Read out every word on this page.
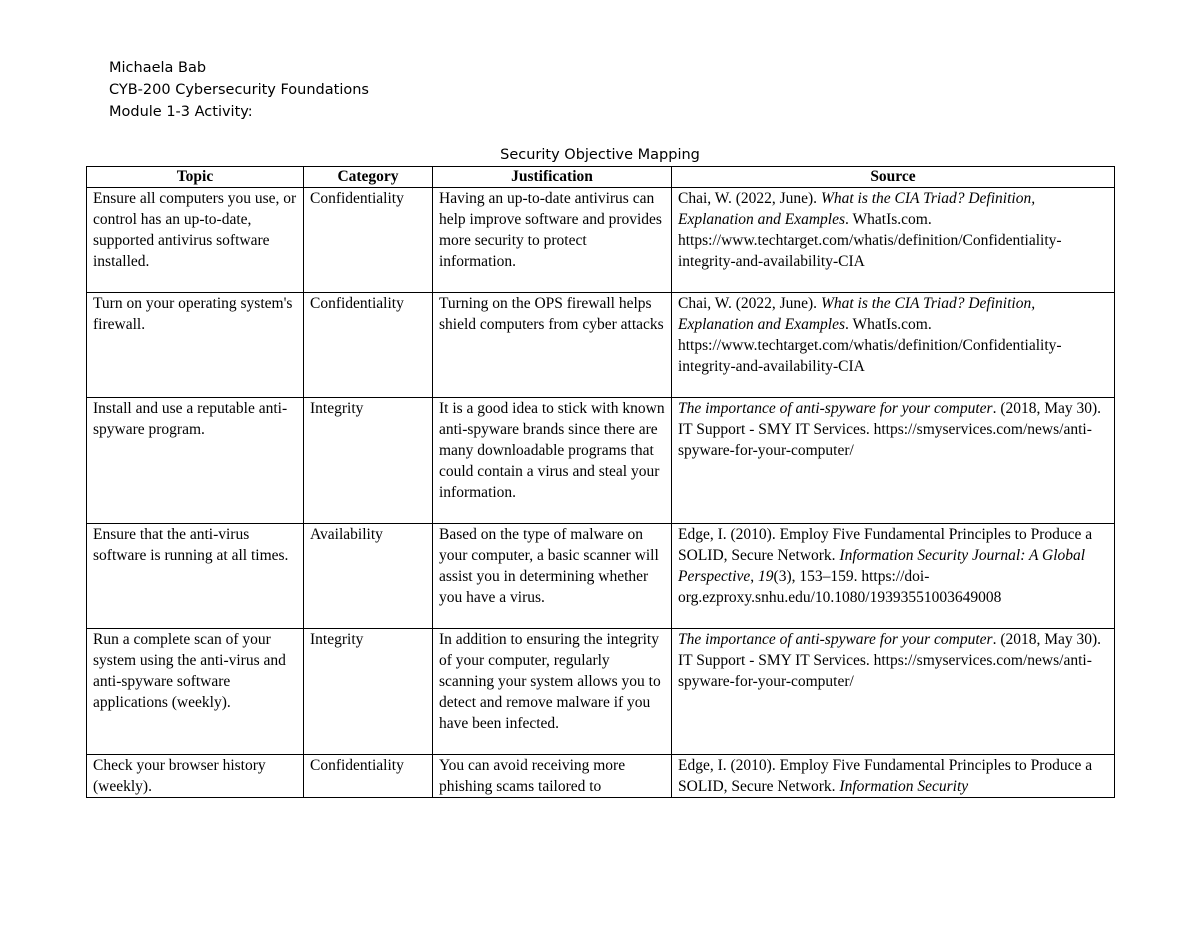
Michaela Bab
CYB-200 Cybersecurity Foundations
Module 1-3 Activity:
Security Objective Mapping
Topic	Category	Justification	Source
Ensure all computers you use, or control has an up-to-date, supported antivirus software installed.	Confidentiality	Having an up-to-date antivirus can help improve software and provides more security to protect information.	Chai, W. (2022, June). What is the CIA Triad? Definition, Explanation and Examples. WhatIs.com. https://www.techtarget.com/whatis/definition/Confidentiality-integrity-and-availability-CIA
Turn on your operating system's firewall.	Confidentiality	Turning on the OPS firewall helps shield computers from cyber attacks	Chai, W. (2022, June). What is the CIA Triad? Definition, Explanation and Examples. WhatIs.com. https://www.techtarget.com/whatis/definition/Confidentiality-integrity-and-availability-CIA
Install and use a reputable anti-spyware program.	Integrity	It is a good idea to stick with known anti-spyware brands since there are many downloadable programs that could contain a virus and steal your information.	The importance of anti-spyware for your computer. (2018, May 30). IT Support - SMY IT Services. https://smyservices.com/news/anti-spyware-for-your-computer/
Ensure that the anti-virus software is running at all times.	Availability	Based on the type of malware on your computer, a basic scanner will assist you in determining whether you have a virus.	Edge, I. (2010). Employ Five Fundamental Principles to Produce a SOLID, Secure Network. Information Security Journal: A Global Perspective, 19(3), 153–159. https://doi-org.ezproxy.snhu.edu/10.1080/19393551003649008
Run a complete scan of your system using the anti-virus and anti-spyware software applications (weekly).	Integrity	In addition to ensuring the integrity of your computer, regularly scanning your system allows you to detect and remove malware if you have been infected.	The importance of anti-spyware for your computer. (2018, May 30). IT Support - SMY IT Services. https://smyservices.com/news/anti-spyware-for-your-computer/
Check your browser history (weekly).	Confidentiality	You can avoid receiving more phishing scams tailored to	Edge, I. (2010). Employ Five Fundamental Principles to Produce a SOLID, Secure Network. Information Security
